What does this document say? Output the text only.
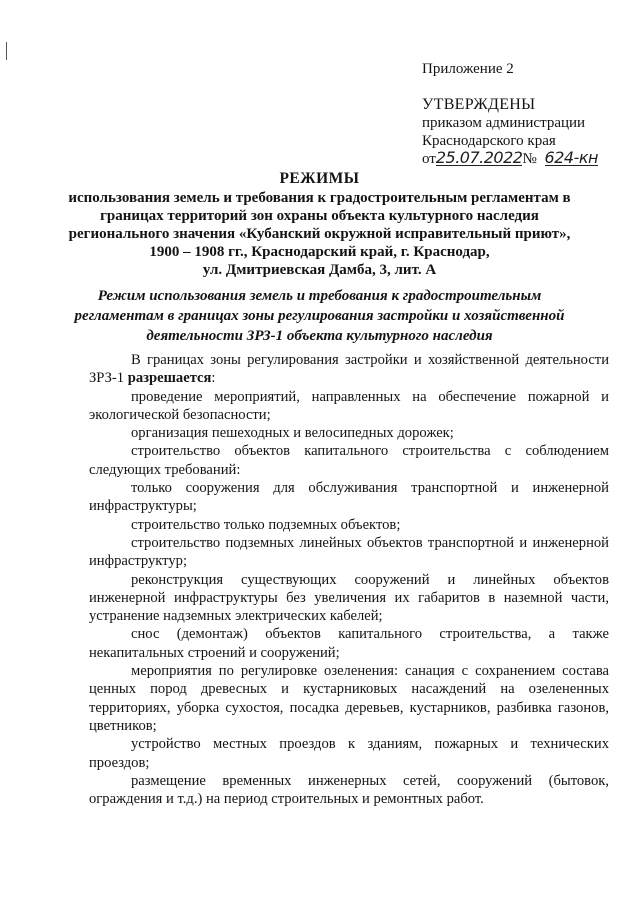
Приложение 2
УТВЕРЖДЕНЫ
приказом администрации
Краснодарского края
от25.07.2022№ 624-кн
РЕЖИМЫ
использования земель и требования к градостроительным регламентам в
границах территорий зон охраны объекта культурного наследия
регионального значения «Кубанский окружной исправительный приют»,
1900 – 1908 гг., Краснодарский край, г. Краснодар,
ул. Дмитриевская Дамба, 3, лит. А
Режим использования земель и требования к градостроительным
регламентам в границах зоны регулирования застройки и хозяйственной
деятельности ЗРЗ-1 объекта культурного наследия

В границах зоны регулирования застройки и хозяйственной деятельности ЗРЗ-1 разрешается:

проведение мероприятий, направленных на обеспечение пожарной и экологической безопасности;

организация пешеходных и велосипедных дорожек;

строительство объектов капитального строительства с соблюдением следующих требований:

только сооружения для обслуживания транспортной и инженерной инфраструктуры;

строительство только подземных объектов;

строительство подземных линейных объектов транспортной и инженерной инфраструктур;

реконструкция существующих сооружений и линейных объектов инженерной инфраструктуры без увеличения их габаритов в наземной части, устранение надземных электрических кабелей;

снос (демонтаж) объектов капитального строительства, а также некапитальных строений и сооружений;

мероприятия по регулировке озеленения: санация с сохранением состава ценных пород древесных и кустарниковых насаждений на озелененных территориях, уборка сухостоя, посадка деревьев, кустарников, разбивка газонов, цветников;

устройство местных проездов к зданиям, пожарных и технических проездов;

размещение временных инженерных сетей, сооружений (бытовок, ограждения и т.д.) на период строительных и ремонтных работ.
